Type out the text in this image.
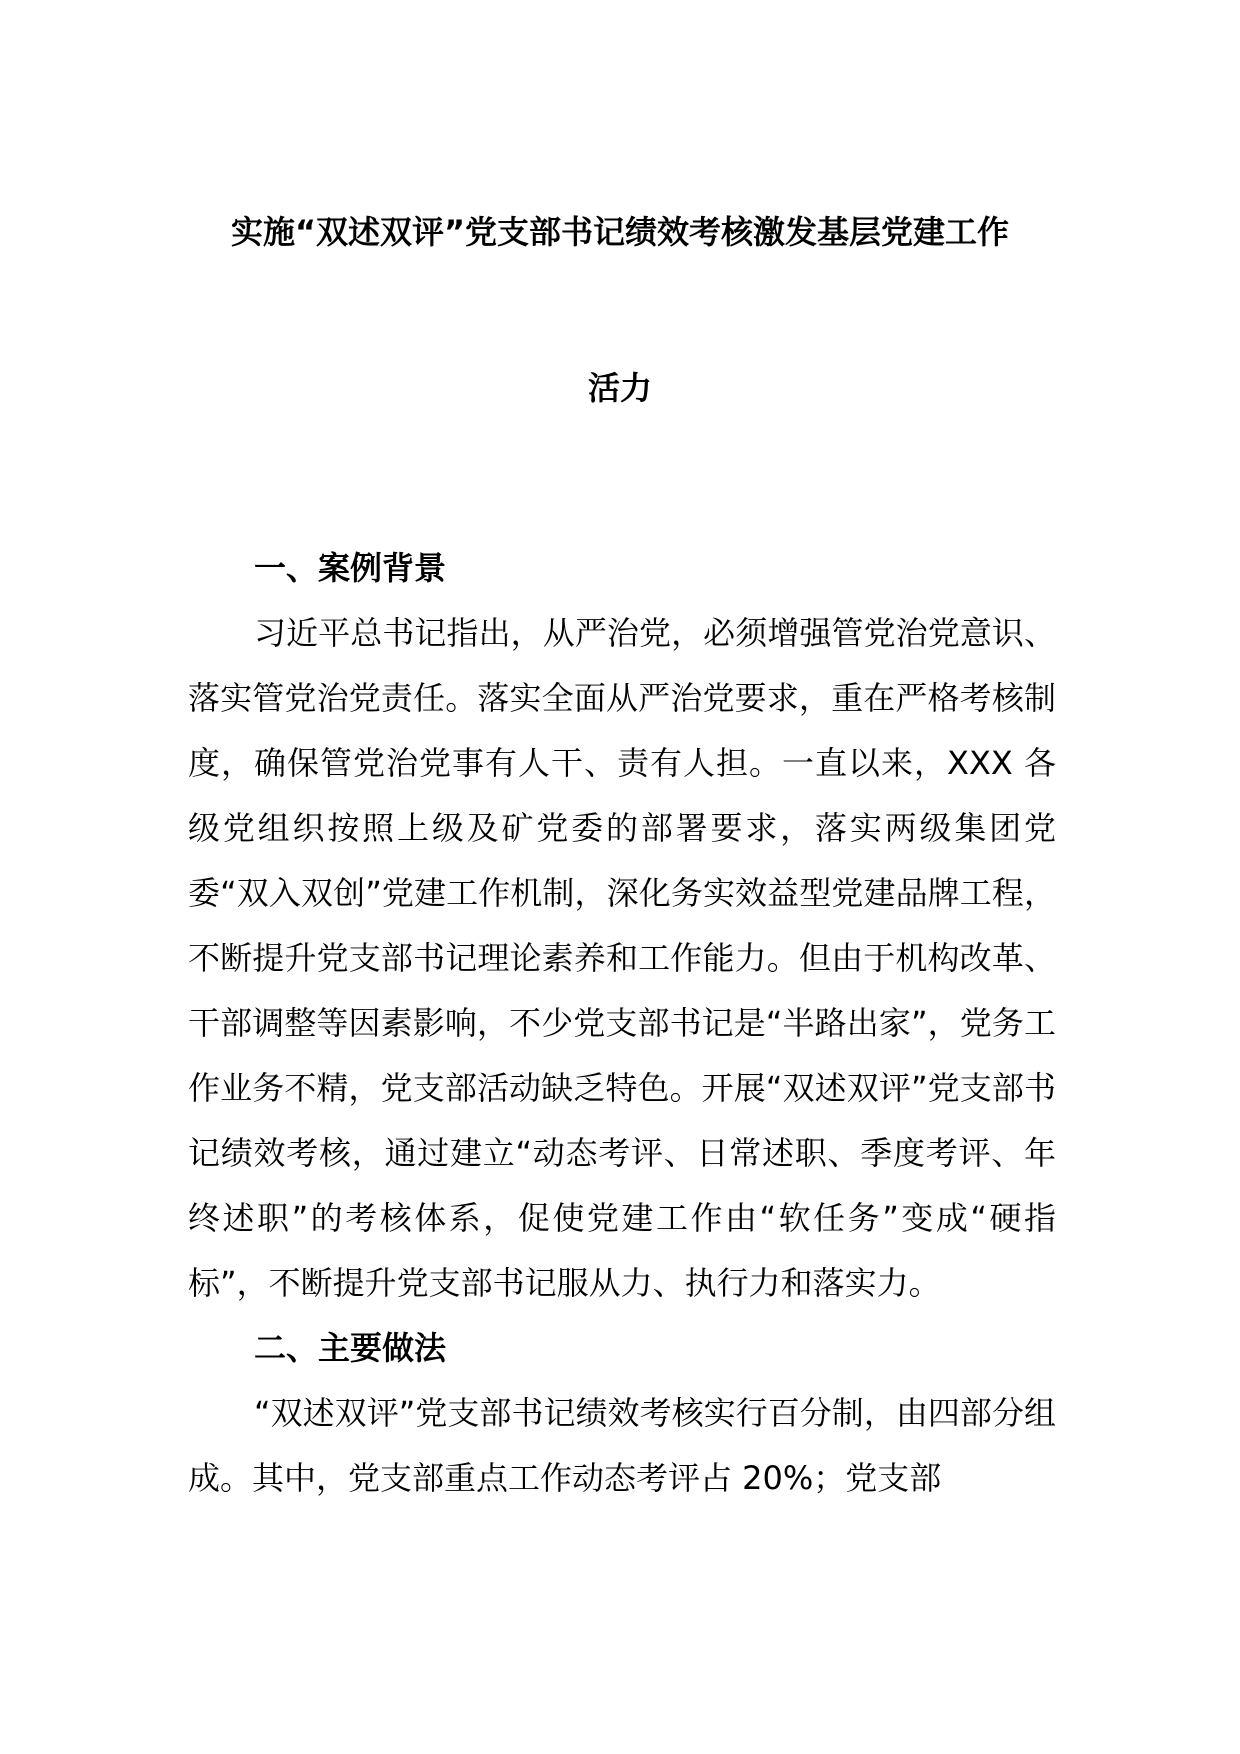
实施“双述双评”党支部书记绩效考核激发基层党建工作
活力
一、案例背景
习近平总书记指出，从严治党，必须增强管党治党意识、落实管党治党责任。落实全面从严治党要求，重在严格考核制度，确保管党治党事有人干、责有人担。一直以来，XXX 各级党组织按照上级及矿党委的部署要求，落实两级集团党委“双入双创”党建工作机制，深化务实效益型党建品牌工程，不断提升党支部书记理论素养和工作能力。但由于机构改革、干部调整等因素影响，不少党支部书记是“半路出家”，党务工作业务不精，党支部活动缺乏特色。开展“双述双评”党支部书记绩效考核，通过建立“动态考评、日常述职、季度考评、年终述职”的考核体系，促使党建工作由“软任务”变成“硬指标”，不断提升党支部书记服从力、执行力和落实力。
二、主要做法
“双述双评”党支部书记绩效考核实行百分制，由四部分组成。其中，党支部重点工作动态考评占 20%；党支部
